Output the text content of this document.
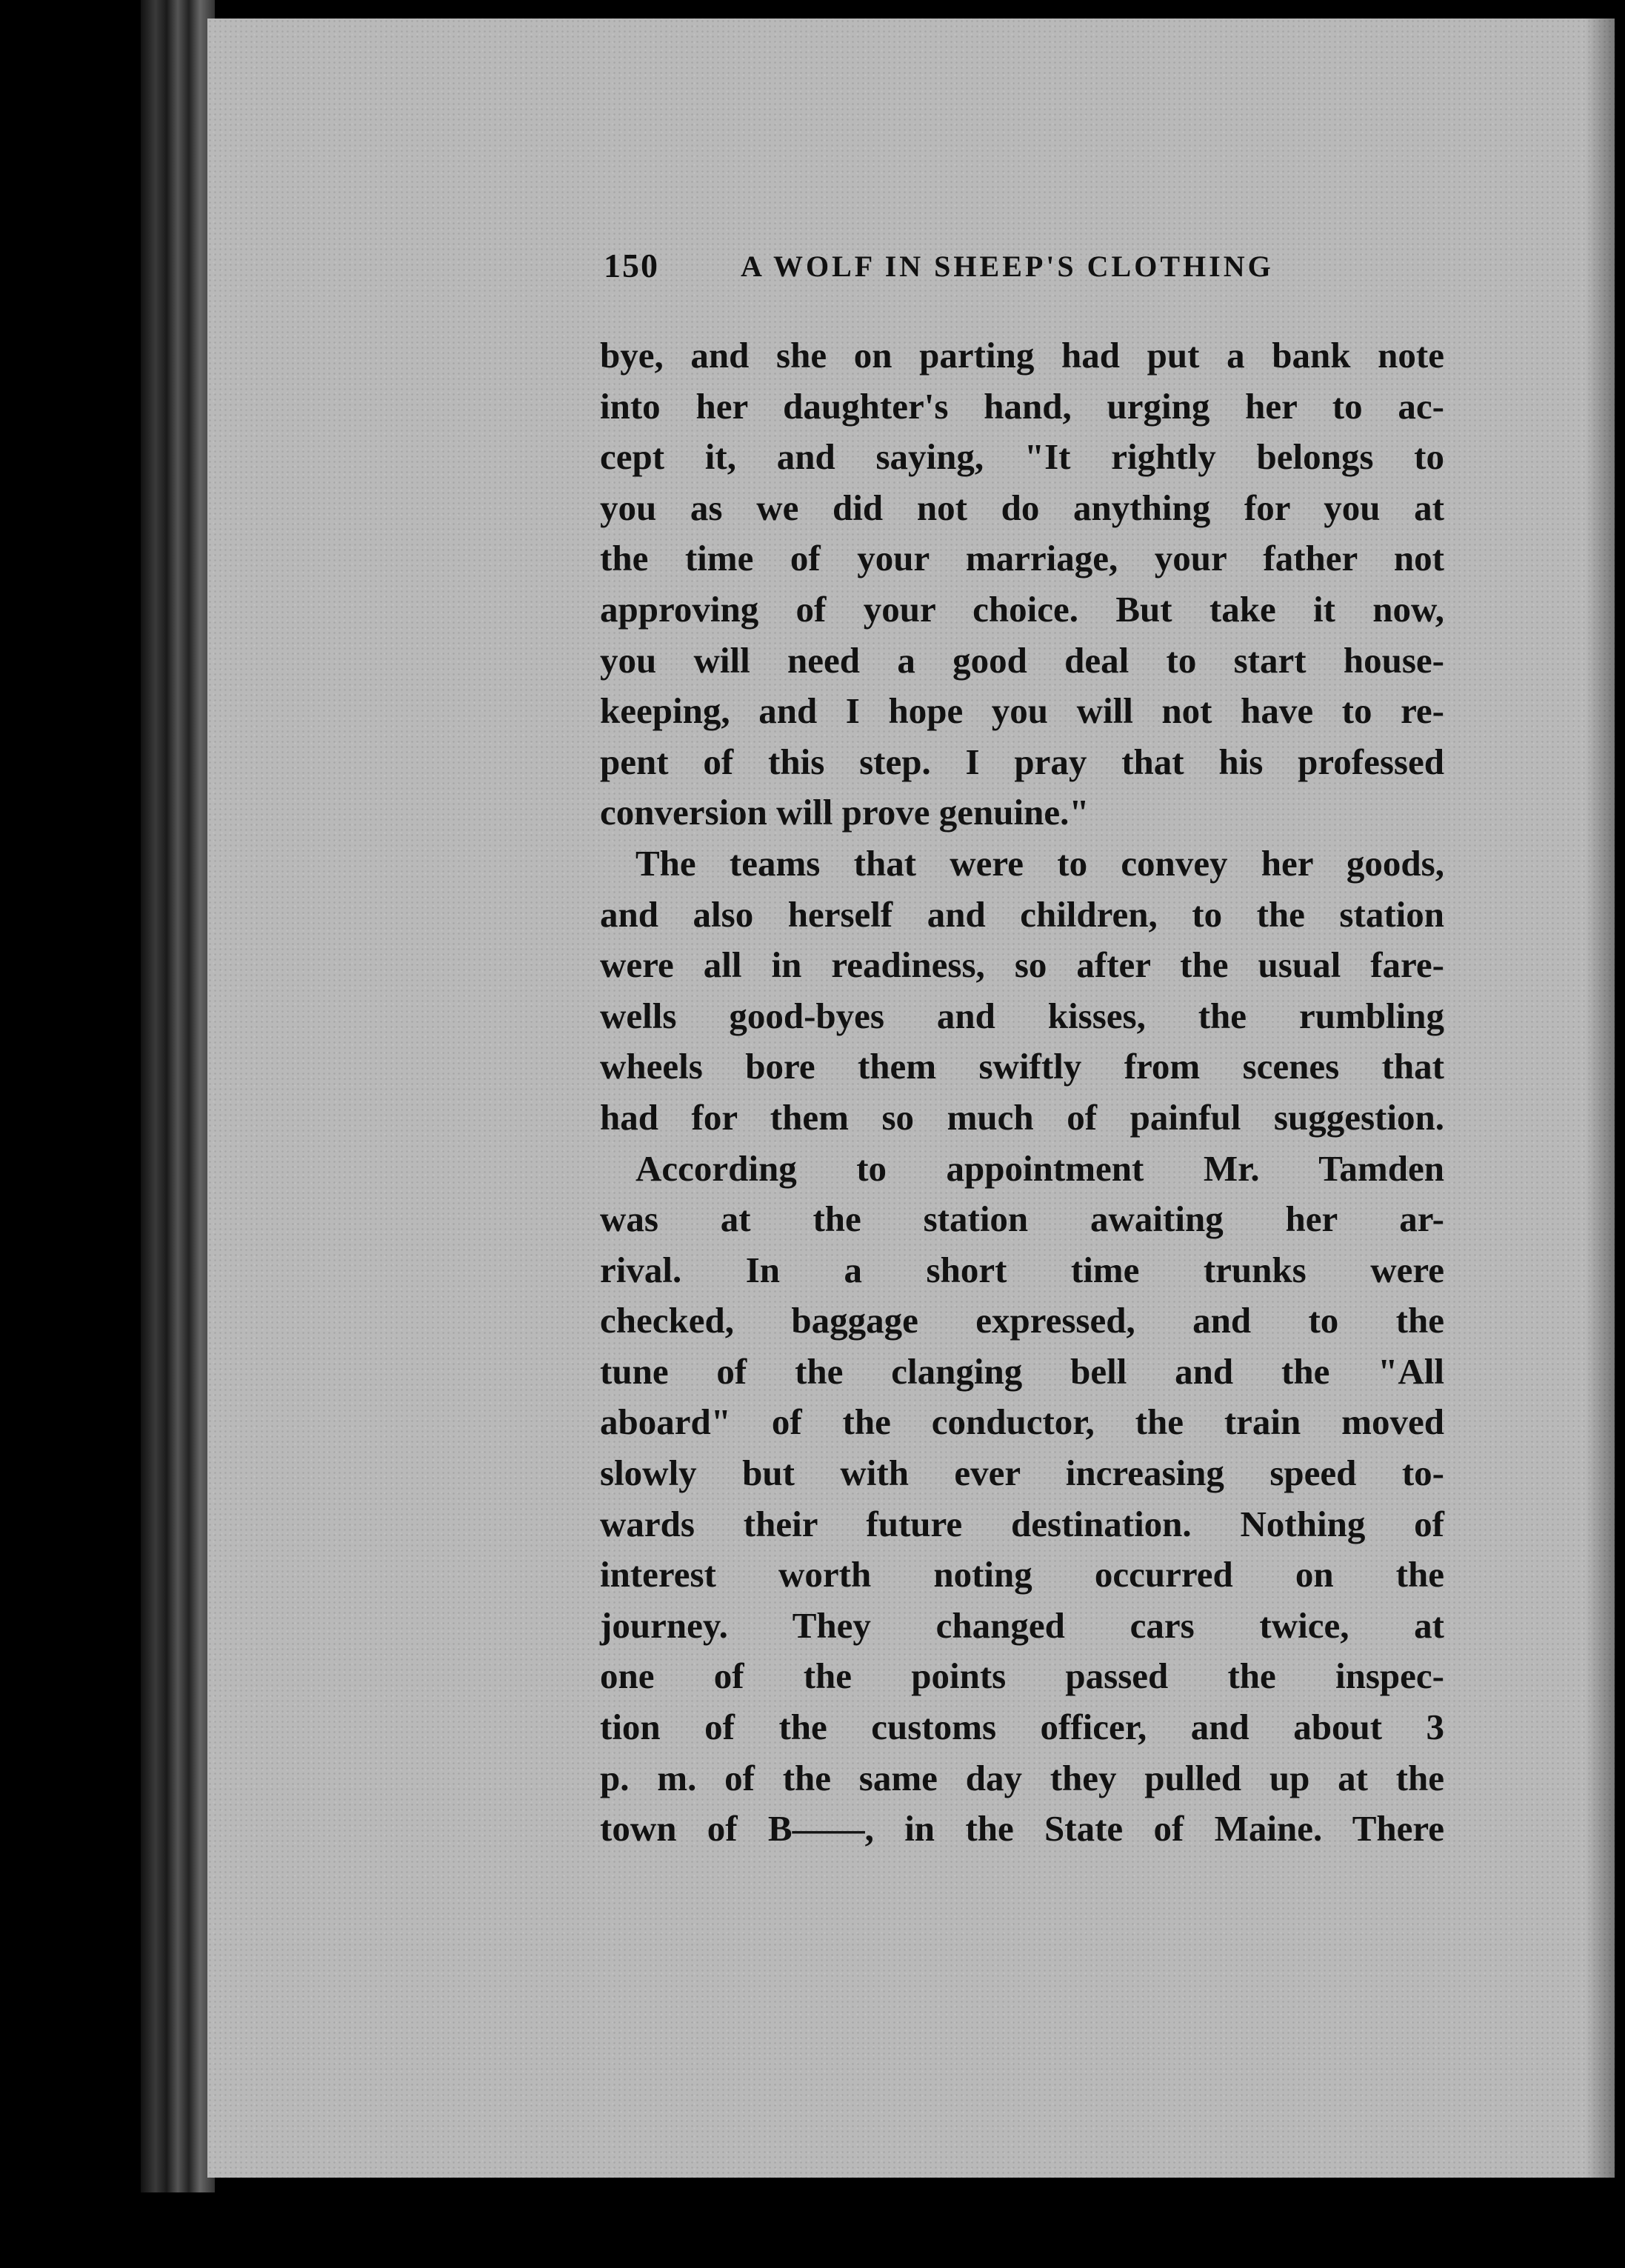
150	A WOLF IN SHEEP'S CLOTHING
bye, and she on parting had put a bank note
into her daughter's hand, urging her to ac-
cept it, and saying, "It rightly belongs to
you as we did not do anything for you at
the time of your marriage, your father not
approving of your choice. But take it now,
you will need a good deal to start house-
keeping, and I hope you will not have to re-
pent of this step. I pray that his professed
conversion will prove genuine."
The teams that were to convey her goods,
and also herself and children, to the station
were all in readiness, so after the usual fare-
wells good-byes and kisses, the rumbling
wheels bore them swiftly from scenes that
had for them so much of painful suggestion.
According to appointment Mr. Tamden
was at the station awaiting her ar-
rival. In a short time trunks were
checked, baggage expressed, and to the
tune of the clanging bell and the "All
aboard" of the conductor, the train moved
slowly but with ever increasing speed to-
wards their future destination. Nothing of
interest worth noting occurred on the
journey. They changed cars twice, at
one of the points passed the inspec-
tion of the customs officer, and about 3
p. m. of the same day they pulled up at the
town of B——, in the State of Maine. There
